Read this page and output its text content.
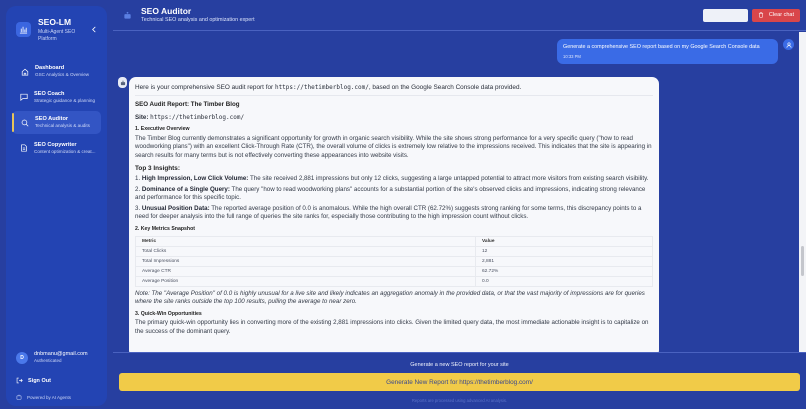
SEO-LM
Multi-Agent SEO Platform
Dashboard
GSC Analytics & Overview
SEO Coach
Strategic guidance & planning
SEO Auditor
Technical analysis & audits
SEO Copywriter
Content optimization & creat...
D
dnbmanu@gmail.com
Authenticated
Sign Out
Powered by AI Agents
SEO Auditor
Technical SEO analysis and optimization expert
Clear chat
Generate a comprehensive SEO report based on my Google Search Console data
10:33 PM
Here is your comprehensive SEO audit report for https://thetimberblog.com/, based on the Google Search Console data provided.
SEO Audit Report: The Timber Blog
Site: https://thetimberblog.com/
1. Executive Overview
The Timber Blog currently demonstrates a significant opportunity for growth in organic search visibility. While the site shows strong performance for a very specific query ("how to read woodworking plans") with an excellent Click-Through Rate (CTR), the overall volume of clicks is extremely low relative to the impressions received. This indicates that the site is appearing in search results for many terms but is not effectively converting these appearances into website visits.
Top 3 Insights:
1. High Impression, Low Click Volume: The site received 2,881 impressions but only 12 clicks, suggesting a large untapped potential to attract more visitors from existing search visibility.
2. Dominance of a Single Query: The query "how to read woodworking plans" accounts for a substantial portion of the site's observed clicks and impressions, indicating strong relevance and performance for this specific topic.
3. Unusual Position Data: The reported average position of 0.0 is anomalous. While the high overall CTR (62.72%) suggests strong ranking for some terms, this discrepancy points to a need for deeper analysis into the full range of queries the site ranks for, especially those contributing to the high impression count without clicks.
2. Key Metrics Snapshot
Metric	Value
Total Clicks	12
Total Impressions	2,881
Average CTR	62.72%
Average Position	0.0
Note: The "Average Position" of 0.0 is highly unusual for a live site and likely indicates an aggregation anomaly in the provided data, or that the vast majority of impressions are for queries where the site ranks outside the top 100 results, pulling the average to near zero.
3. Quick-Win Opportunities
The primary quick-win opportunity lies in converting more of the existing 2,881 impressions into clicks. Given the limited query data, the most immediate actionable insight is to capitalize on the success of the dominant query.
Generate a new SEO report for your site
Generate New Report for https://thetimberblog.com/
Reports are processed using advanced AI analysis.
